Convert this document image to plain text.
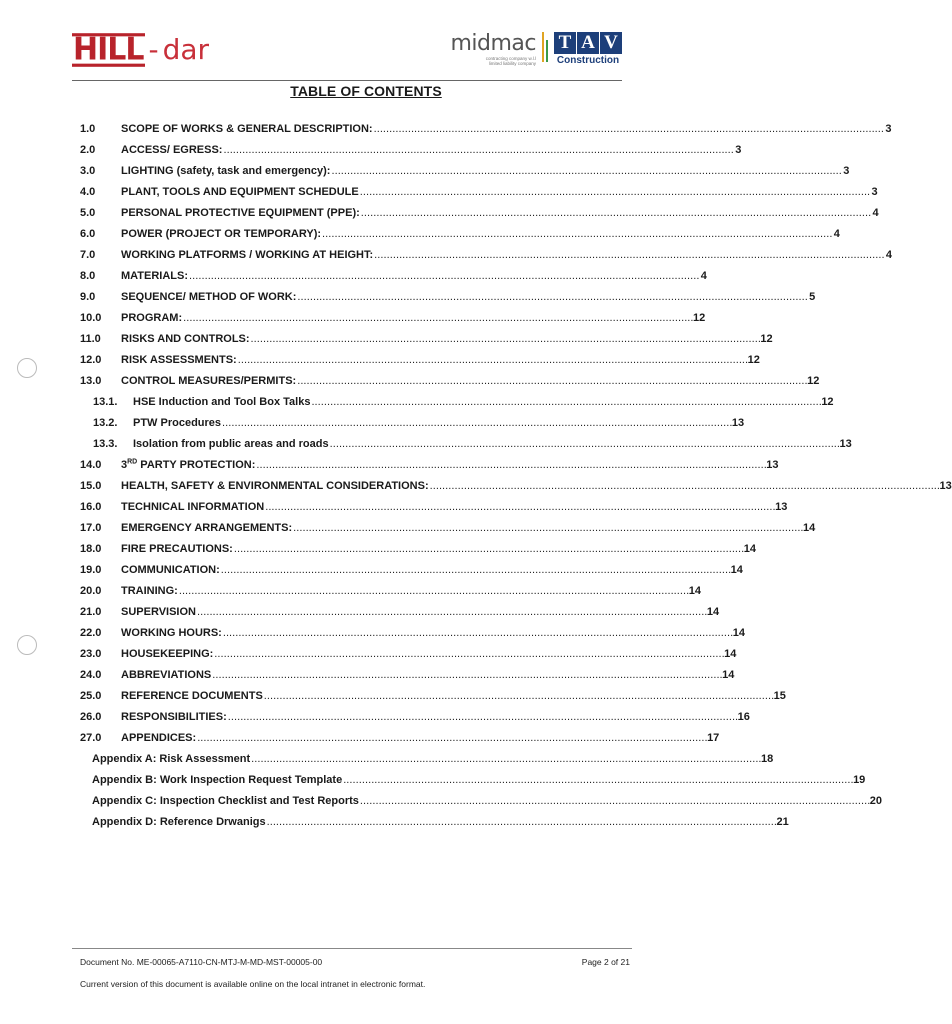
HILL - dar	midmac
contracting company w.l.l
limited liability company
T A V
Construction
TABLE OF CONTENTS
1.0	SCOPE OF WORKS & GENERAL DESCRIPTION: . . .	3
2.0	ACCESS/ EGRESS: . . .	3
3.0	LIGHTING (safety, task and emergency): . . .	3
4.0	PLANT, TOOLS AND EQUIPMENT SCHEDULE . . .	3
5.0	PERSONAL PROTECTIVE EQUIPMENT (PPE): . . .	4
6.0	POWER (PROJECT OR TEMPORARY): . . .	4
7.0	WORKING PLATFORMS / WORKING AT HEIGHT: . . .	4
8.0	MATERIALS: . . .	4
9.0	SEQUENCE/ METHOD OF WORK: . . .	5
10.0	PROGRAM: . . .	12
11.0	RISKS AND CONTROLS: . . .	12
12.0	RISK ASSESSMENTS: . . .	12
13.0	CONTROL MEASURES/PERMITS: . . .	12
13.1.	HSE Induction and Tool Box Talks . . .	12
13.2.	PTW Procedures . . .	13
13.3.	Isolation from public areas and roads . . .	13
14.0	3RD PARTY PROTECTION: . . .	13
15.0	HEALTH, SAFETY & ENVIRONMENTAL CONSIDERATIONS: . . .	13
16.0	TECHNICAL INFORMATION . . .	13
17.0	EMERGENCY ARRANGEMENTS: . . .	14
18.0	FIRE PRECAUTIONS: . . .	14
19.0	COMMUNICATION: . . .	14
20.0	TRAINING: . . .	14
21.0	SUPERVISION . . .	14
22.0	WORKING HOURS: . . .	14
23.0	HOUSEKEEPING: . . .	14
24.0	ABBREVIATIONS . . .	14
25.0	REFERENCE DOCUMENTS . . .	15
26.0	RESPONSIBILITIES: . . .	16
27.0	APPENDICES: . . .	17
Appendix A: Risk Assessment . . .	18
Appendix B: Work Inspection Request Template . . .	19
Appendix C: Inspection Checklist and Test Reports . . .	20
Appendix D: Reference Drwanigs . . .	21
Document No. ME-00065-A7110-CN-MTJ-M-MD-MST-00005-00	Page 2 of 21
Current version of this document is available online on the local intranet in electronic format.
